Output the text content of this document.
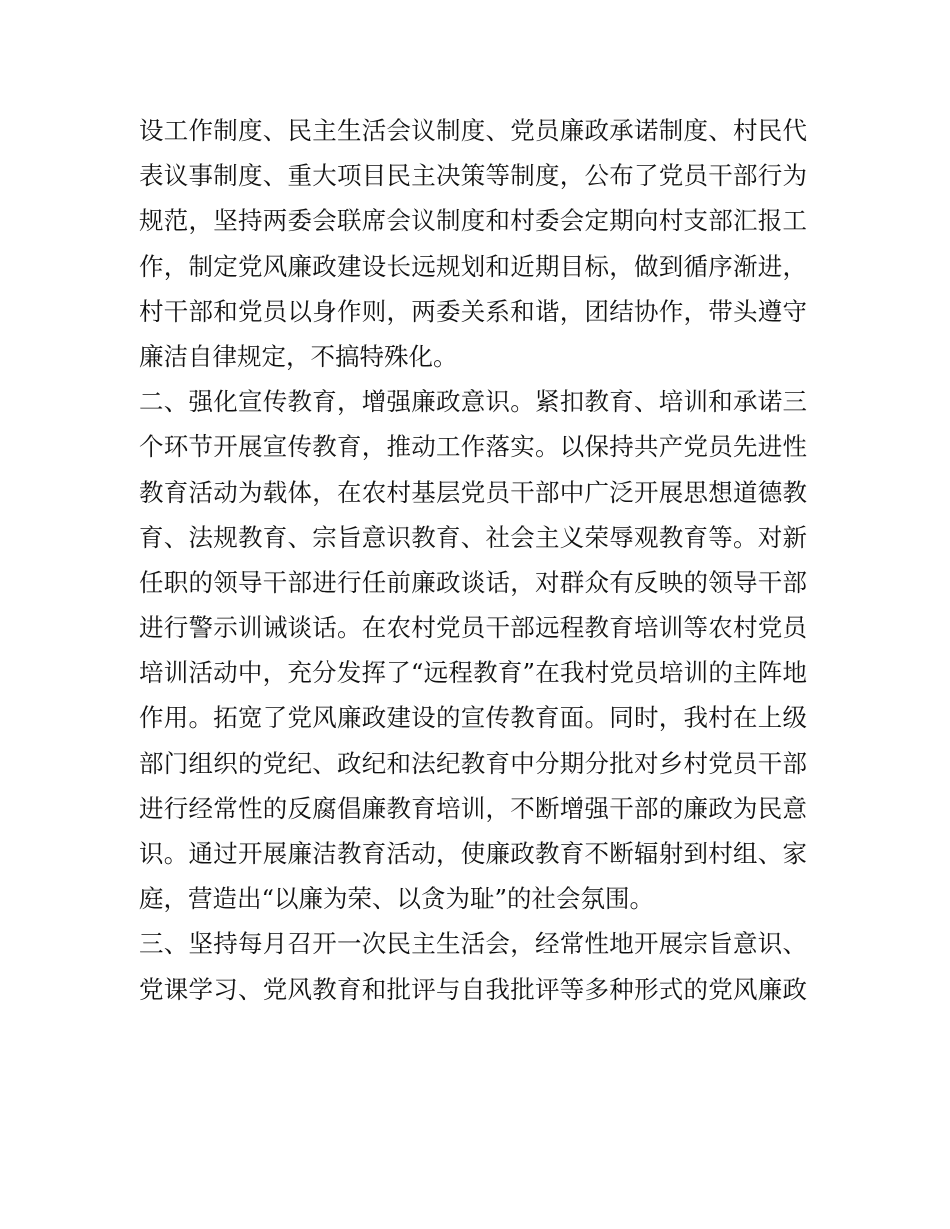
设工作制度、民主生活会议制度、党员廉政承诺制度、村民代
表议事制度、重大项目民主决策等制度，公布了党员干部行为
规范，坚持两委会联席会议制度和村委会定期向村支部汇报工
作，制定党风廉政建设长远规划和近期目标，做到循序渐进，
村干部和党员以身作则，两委关系和谐，团结协作，带头遵守
廉洁自律规定，不搞特殊化。
二、强化宣传教育，增强廉政意识。紧扣教育、培训和承诺三
个环节开展宣传教育，推动工作落实。以保持共产党员先进性
教育活动为载体，在农村基层党员干部中广泛开展思想道德教
育、法规教育、宗旨意识教育、社会主义荣辱观教育等。对新
任职的领导干部进行任前廉政谈话，对群众有反映的领导干部
进行警示训诫谈话。在农村党员干部远程教育培训等农村党员
培训活动中，充分发挥了“远程教育”在我村党员培训的主阵地
作用。拓宽了党风廉政建设的宣传教育面。同时，我村在上级
部门组织的党纪、政纪和法纪教育中分期分批对乡村党员干部
进行经常性的反腐倡廉教育培训，不断增强干部的廉政为民意
识。通过开展廉洁教育活动，使廉政教育不断辐射到村组、家
庭，营造出“以廉为荣、以贪为耻”的社会氛围。
三、坚持每月召开一次民主生活会，经常性地开展宗旨意识、
党课学习、党风教育和批评与自我批评等多种形式的党风廉政
